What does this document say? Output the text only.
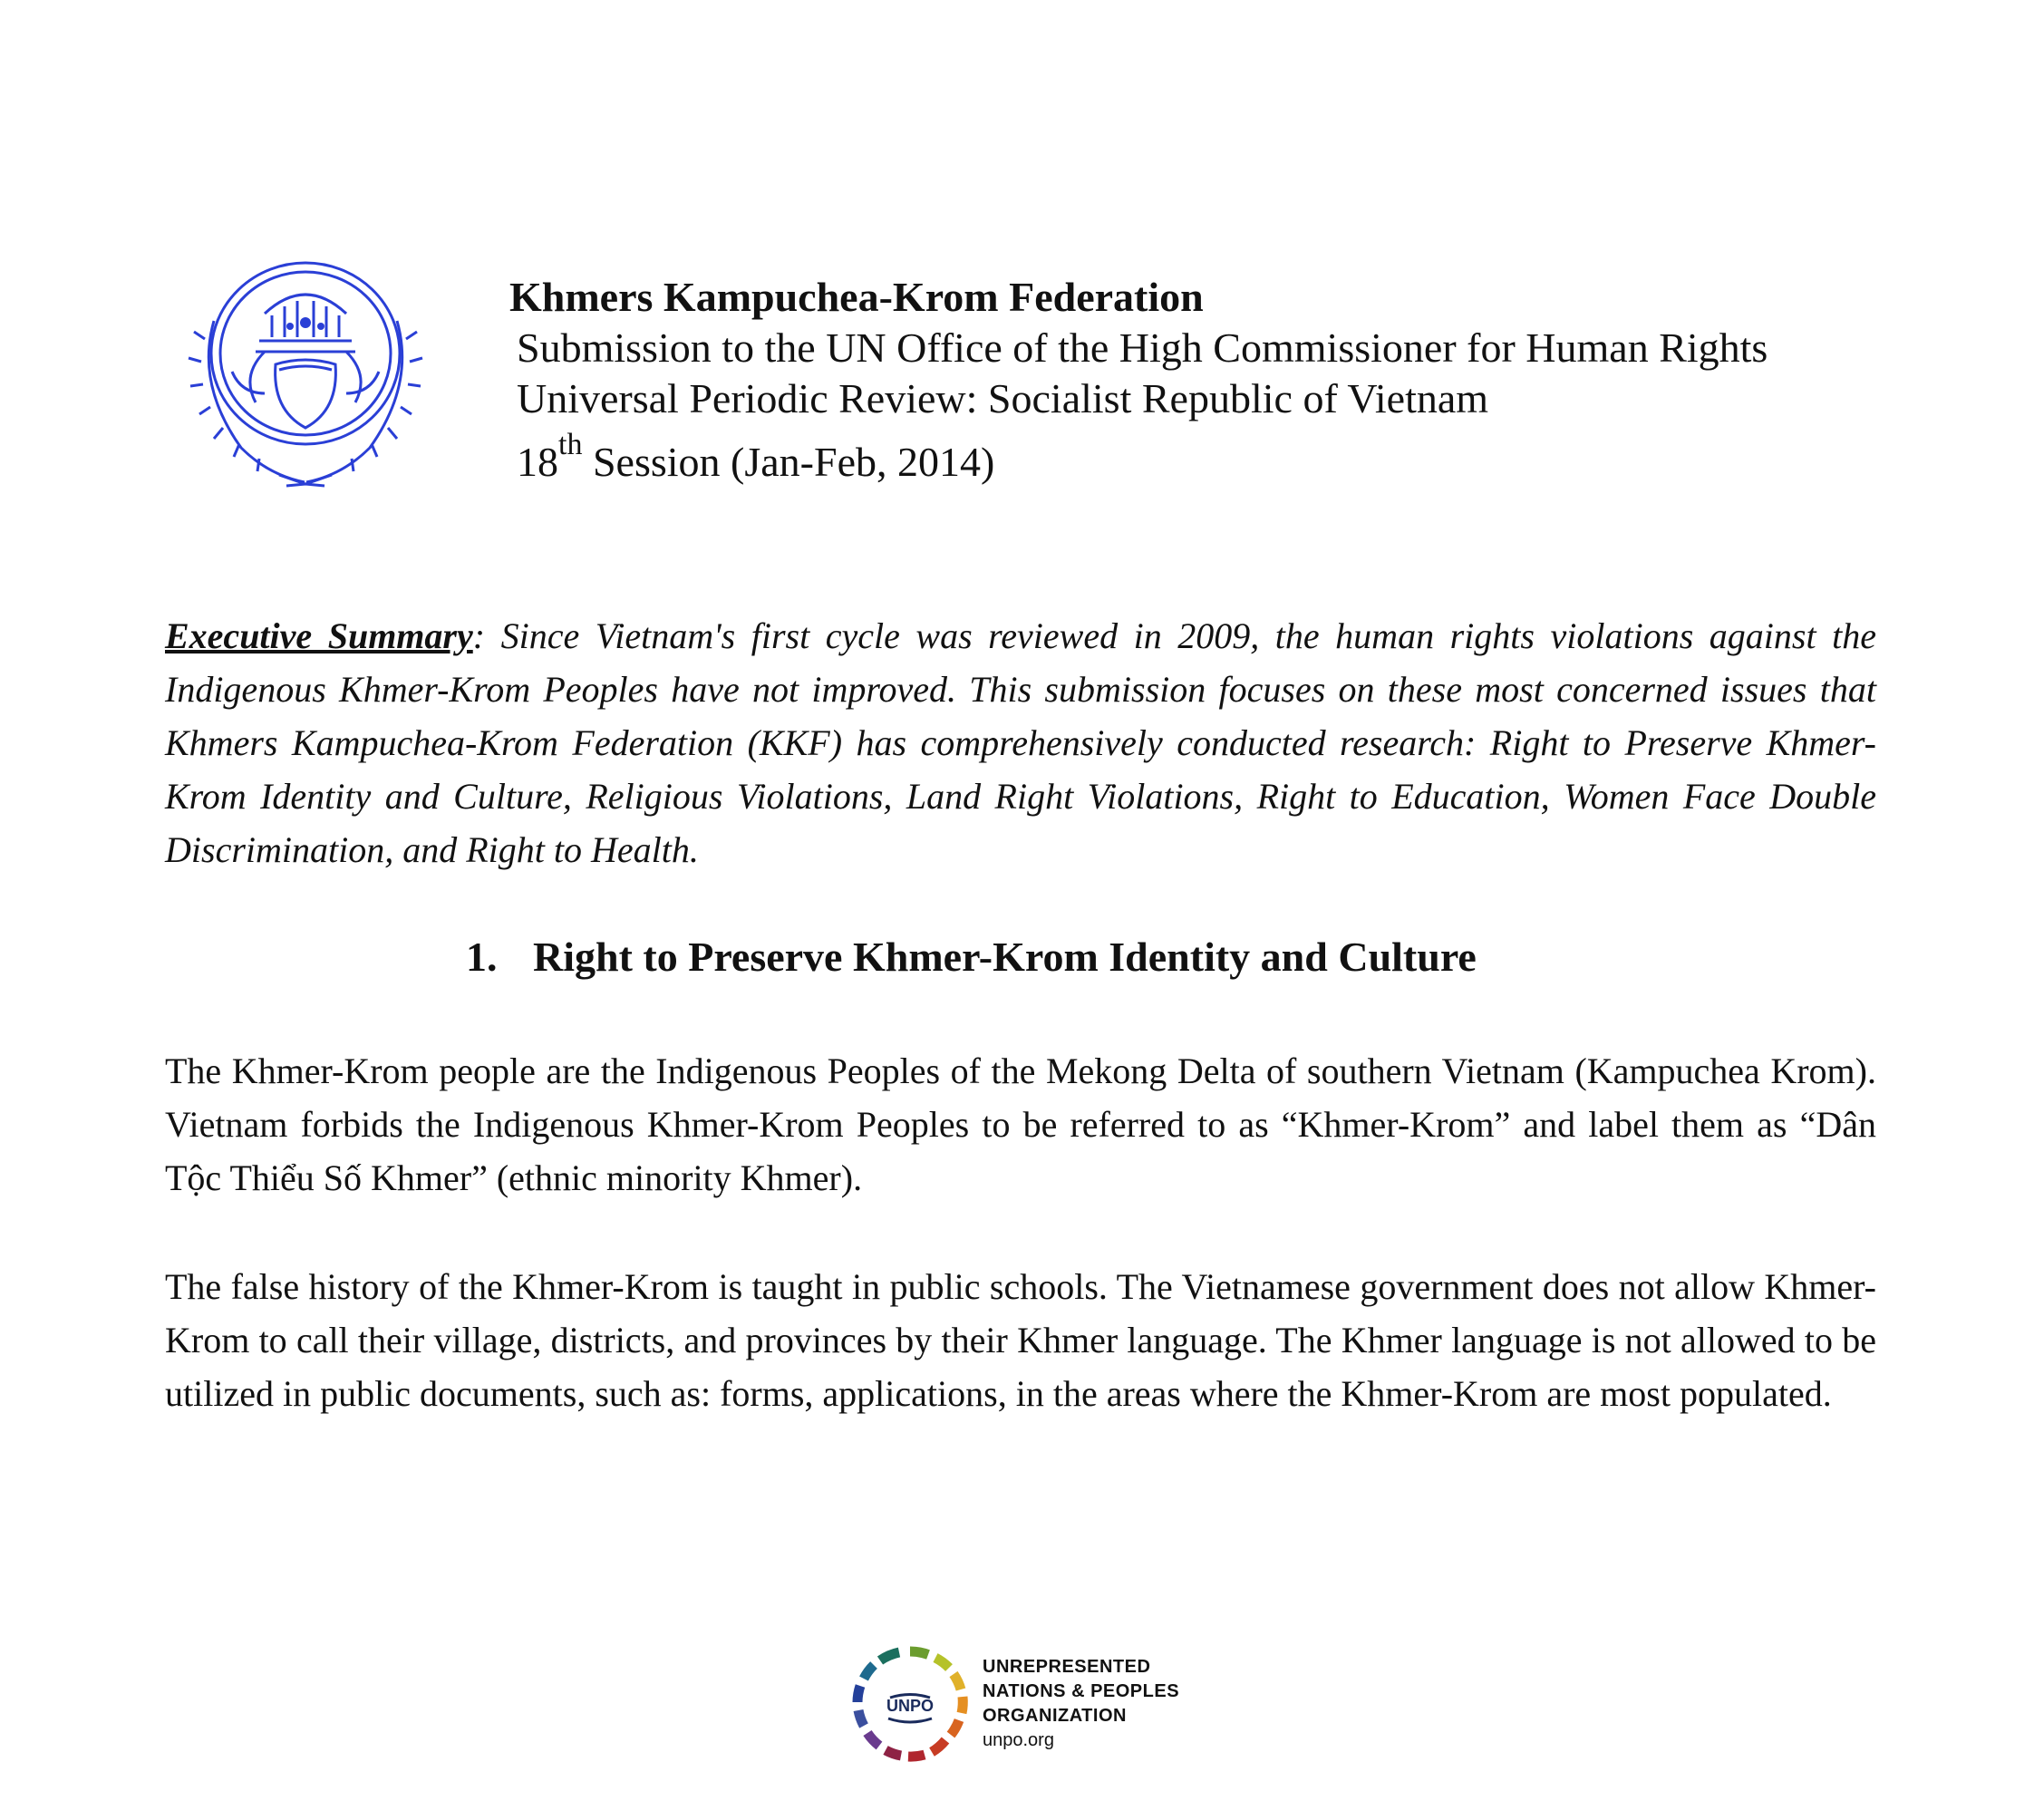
Khmers Kampuchea-Krom Federation

Submission to the UN Office of the High Commissioner for Human Rights

Universal Periodic Review: Socialist Republic of Vietnam

18th Session (Jan-Feb, 2014)

Executive Summary: Since Vietnam's first cycle was reviewed in 2009, the human rights violations against the Indigenous Khmer-Krom Peoples have not improved. This submission focuses on these most concerned issues that Khmers Kampuchea-Krom Federation (KKF) has comprehensively conducted research: Right to Preserve Khmer-Krom Identity and Culture, Religious Violations, Land Right Violations, Right to Education, Women Face Double Discrimination, and Right to Health.

1. Right to Preserve Khmer-Krom Identity and Culture

The Khmer-Krom people are the Indigenous Peoples of the Mekong Delta of southern Vietnam (Kampuchea Krom). Vietnam forbids the Indigenous Khmer-Krom Peoples to be referred to as “Khmer-Krom” and label them as “Dân Tộc Thiểu Số Khmer” (ethnic minority Khmer).

The false history of the Khmer-Krom is taught in public schools. The Vietnamese government does not allow Khmer-Krom to call their village, districts, and provinces by their Khmer language. The Khmer language is not allowed to be utilized in public documents, such as: forms, applications, in the areas where the Khmer-Krom are most populated.

UNPO
UNREPRESENTED
NATIONS & PEOPLES
ORGANIZATION
unpo.org
